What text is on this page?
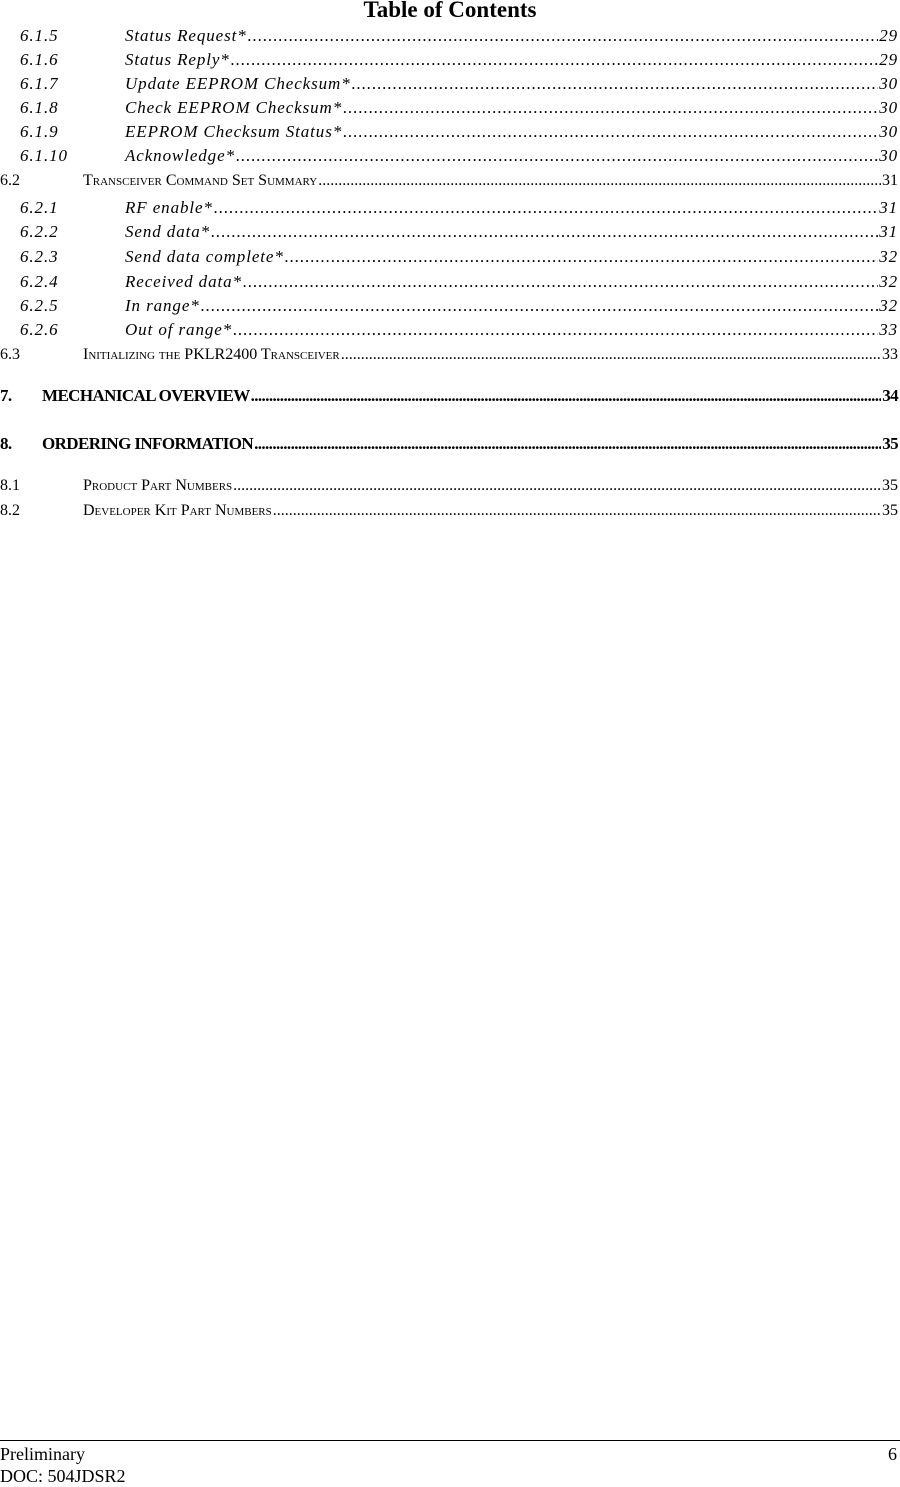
Table of Contents
6.1.5	Status Request* .....	29
6.1.6	Status Reply* .....	29
6.1.7	Update EEPROM Checksum* .....	30
6.1.8	Check EEPROM Checksum* .....	30
6.1.9	EEPROM Checksum Status* .....	30
6.1.10	Acknowledge* .....	30
6.2	Transceiver Command Set Summary .....	31
6.2.1	RF enable* .....	31
6.2.2	Send data* .....	31
6.2.3	Send data complete* .....	32
6.2.4	Received data* .....	32
6.2.5	In range* .....	32
6.2.6	Out of range* .....	33
6.3	Initializing the PKLR2400 Transceiver .....	33
7.	MECHANICAL OVERVIEW .....	34
8.	ORDERING INFORMATION .....	35
8.1	Product Part Numbers .....	35
8.2	Developer Kit Part Numbers .....	35
Preliminary
DOC: 504JDSR2
6
